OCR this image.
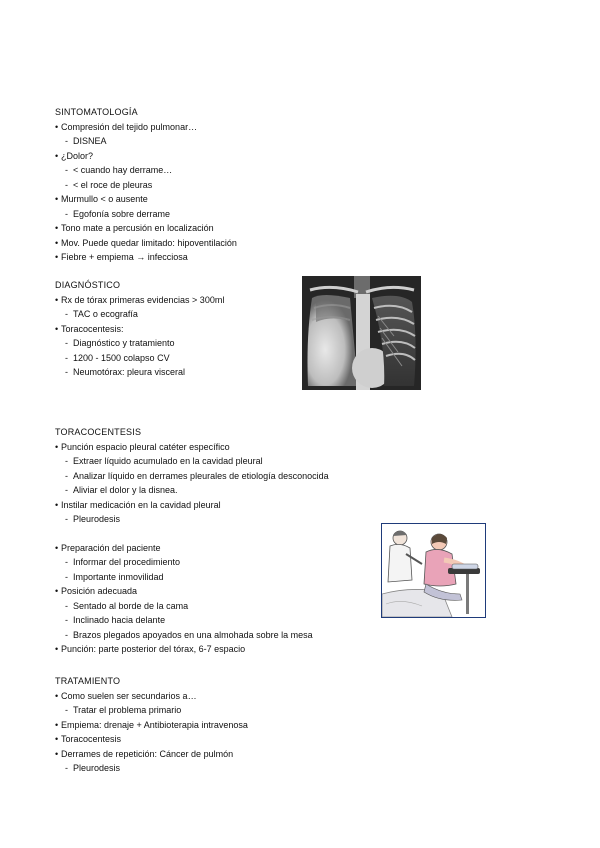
SINTOMATOLOGÍA
• Compresión del tejido pulmonar…
- DISNEA
• ¿Dolor?
- < cuando hay derrame…
- < el roce de pleuras
• Murmullo < o ausente
- Egofonía sobre derrame
• Tono mate a percusión en localización
• Mov. Puede quedar limitado: hipoventilación
• Fiebre + empiema → infecciosa
DIAGNÓSTICO
• Rx de tórax primeras evidencias > 300ml
- TAC o ecografía
• Toracocentesis:
- Diagnóstico y tratamiento
- 1200 - 1500 colapso CV
- Neumotórax: pleura visceral
TORACOCENTESIS
• Punción espacio pleural catéter específico
- Extraer líquido acumulado en la cavidad pleural
- Analizar líquido en derrames pleurales de etiología desconocida
- Aliviar el dolor y la disnea.
• Instilar medicación en la cavidad pleural
- Pleurodesis
• Preparación del paciente
- Informar del procedimiento
- Importante inmovilidad
• Posición adecuada
- Sentado al borde de la cama
- Inclinado hacia delante
- Brazos plegados apoyados en una almohada sobre la mesa
• Punción: parte posterior del tórax, 6-7 espacio
TRATAMIENTO
• Como suelen ser secundarios a…
- Tratar el problema primario
• Empiema: drenaje + Antibioterapia intravenosa
• Toracocentesis
• Derrames de repetición: Cáncer de pulmón
- Pleurodesis
